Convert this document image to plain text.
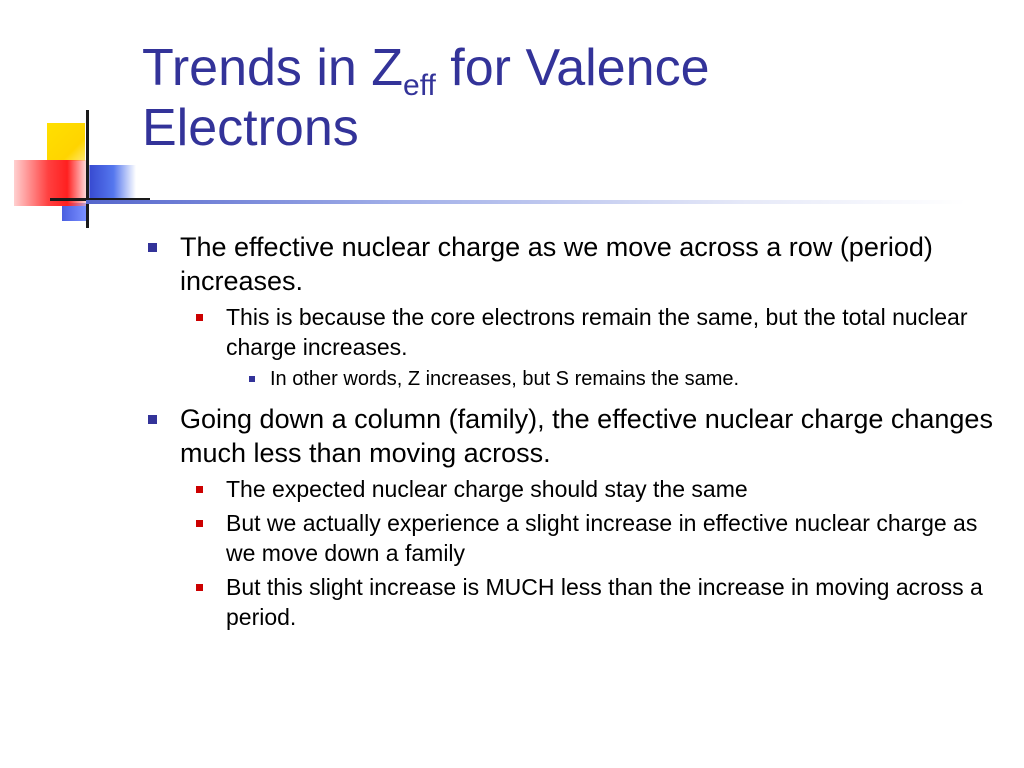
Trends in $Z_{eff}$ for Valence
Electrons
The effective nuclear charge as we move across a row (period) increases.
This is because the core electrons remain the same, but the total nuclear charge increases.
In other words, Z increases, but S remains the same.
Going down a column (family), the effective nuclear charge changes much less than moving across.
The expected nuclear charge should stay the same
But we actually experience a slight increase in effective nuclear charge as we move down a family
But this slight increase is MUCH less than the increase in moving across a period.
